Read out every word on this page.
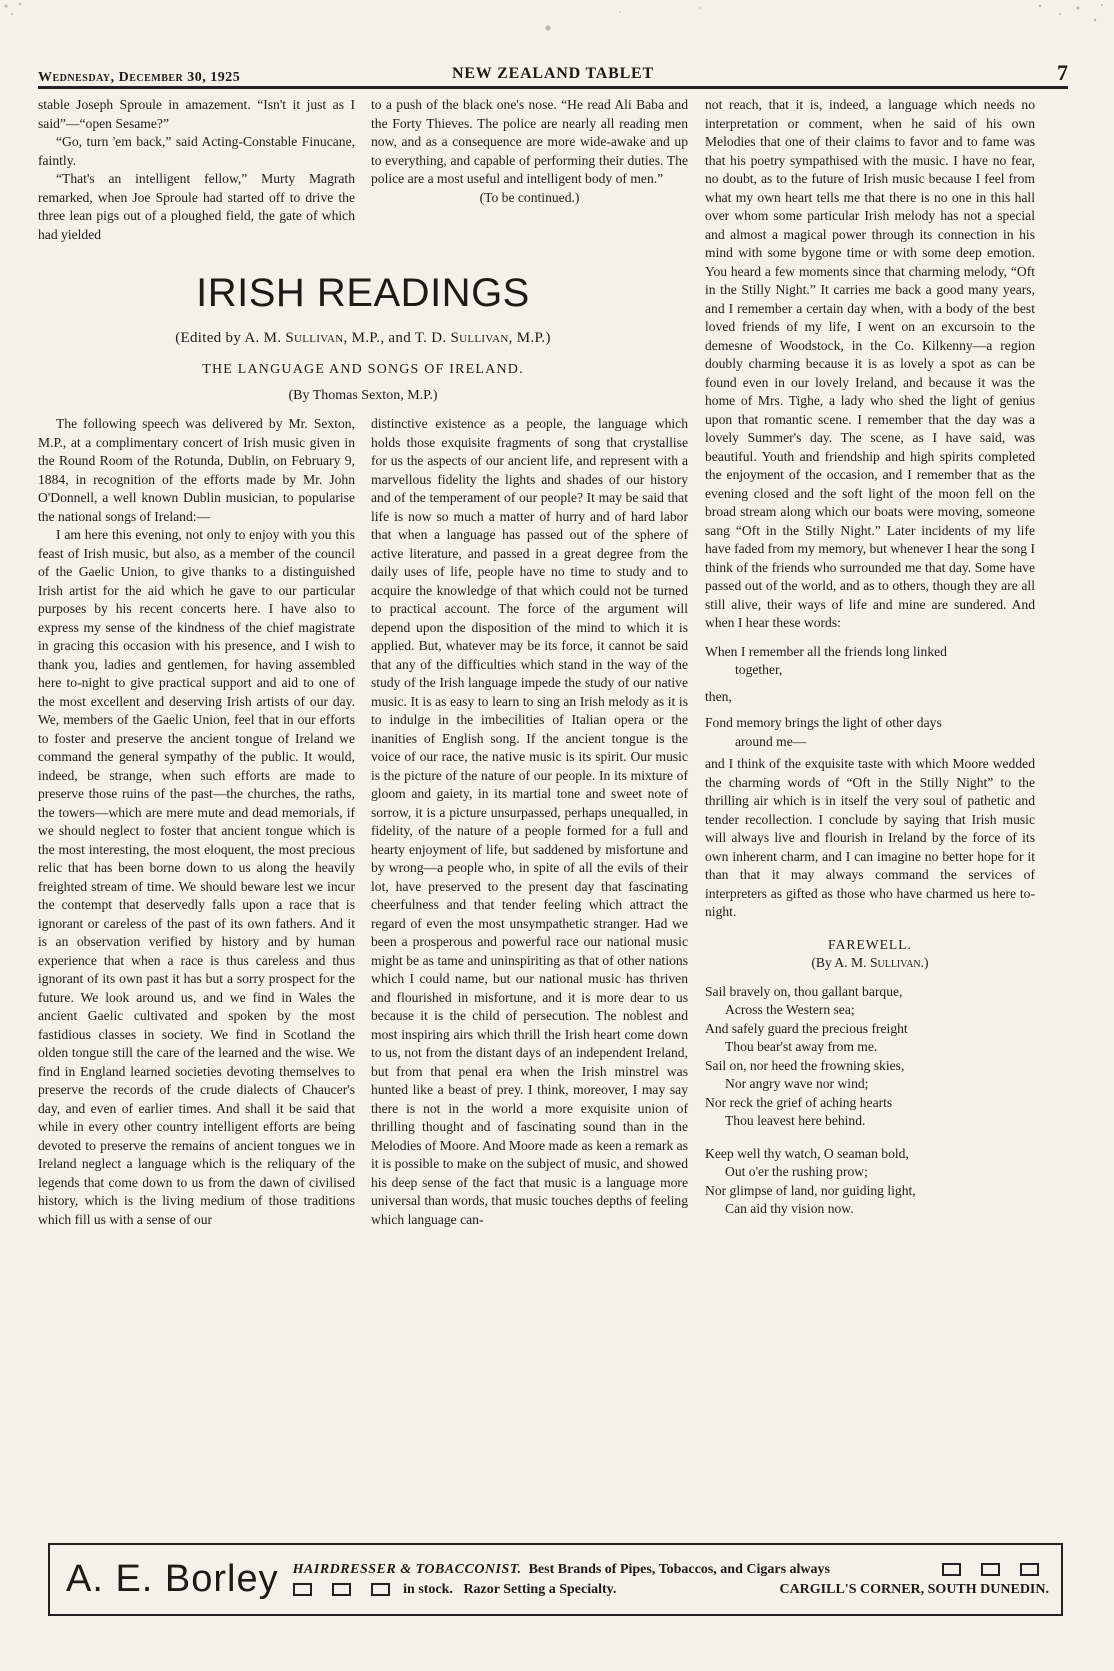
Wednesday, December 30, 1925	NEW ZEALAND TABLET	7

stable Joseph Sproule in amazement. “Isn't it just as I said”—“open Sesame?”

“Go, turn 'em back,” said Acting-Constable Finucane, faintly.

“That's an intelligent fellow,” Murty Magrath remarked, when Joe Sproule had started off to drive the three lean pigs out of a ploughed field, the gate of which had yielded

to a push of the black one's nose. “He read Ali Baba and the Forty Thieves. The police are nearly all reading men now, and as a consequence are more wide-awake and up to everything, and capable of performing their duties. The police are a most useful and intelligent body of men.”

(To be continued.)

IRISH READINGS
(Edited by A. M. Sullivan, M.P., and T. D. Sullivan, M.P.)
THE LANGUAGE AND SONGS OF IRELAND.
(By Thomas Sexton, M.P.)

The following speech was delivered by Mr. Sexton, M.P., at a complimentary concert of Irish music given in the Round Room of the Rotunda, Dublin, on February 9, 1884, in recognition of the efforts made by Mr. John O'Donnell, a well known Dublin musician, to popularise the national songs of Ireland:—

I am here this evening, not only to enjoy with you this feast of Irish music, but also, as a member of the council of the Gaelic Union, to give thanks to a distinguished Irish artist for the aid which he gave to our particular purposes by his recent concerts here. I have also to express my sense of the kindness of the chief magistrate in gracing this occasion with his presence, and I wish to thank you, ladies and gentlemen, for having assembled here to-night to give practical support and aid to one of the most excellent and deserving Irish artists of our day. We, members of the Gaelic Union, feel that in our efforts to foster and preserve the ancient tongue of Ireland we command the general sympathy of the public. It would, indeed, be strange, when such efforts are made to preserve those ruins of the past—the churches, the raths, the towers—which are mere mute and dead memorials, if we should neglect to foster that ancient tongue which is the most interesting, the most eloquent, the most precious relic that has been borne down to us along the heavily freighted stream of time. We should beware lest we incur the contempt that deservedly falls upon a race that is ignorant or careless of the past of its own fathers. And it is an observation verified by history and by human experience that when a race is thus careless and thus ignorant of its own past it has but a sorry prospect for the future. We look around us, and we find in Wales the ancient Gaelic cultivated and spoken by the most fastidious classes in society. We find in Scotland the olden tongue still the care of the learned and the wise. We find in England learned societies devoting themselves to preserve the records of the crude dialects of Chaucer's day, and even of earlier times. And shall it be said that while in every other country intelligent efforts are being devoted to preserve the remains of ancient tongues we in Ireland neglect a language which is the reliquary of the legends that come down to us from the dawn of civilised history, which is the living medium of those traditions which fill us with a sense of our

distinctive existence as a people, the language which holds those exquisite fragments of song that crystallise for us the aspects of our ancient life, and represent with a marvellous fidelity the lights and shades of our history and of the temperament of our people? It may be said that life is now so much a matter of hurry and of hard labor that when a language has passed out of the sphere of active literature, and passed in a great degree from the daily uses of life, people have no time to study and to acquire the knowledge of that which could not be turned to practical account. The force of the argument will depend upon the disposition of the mind to which it is applied. But, whatever may be its force, it cannot be said that any of the difficulties which stand in the way of the study of the Irish language impede the study of our native music. It is as easy to learn to sing an Irish melody as it is to indulge in the imbecilities of Italian opera or the inanities of English song. If the ancient tongue is the voice of our race, the native music is its spirit. Our music is the picture of the nature of our people. In its mixture of gloom and gaiety, in its martial tone and sweet note of sorrow, it is a picture unsurpassed, perhaps unequalled, in fidelity, of the nature of a people formed for a full and hearty enjoyment of life, but saddened by misfortune and by wrong—a people who, in spite of all the evils of their lot, have preserved to the present day that fascinating cheerfulness and that tender feeling which attract the regard of even the most unsympathetic stranger. Had we been a prosperous and powerful race our national music might be as tame and uninspiriting as that of other nations which I could name, but our national music has thriven and flourished in misfortune, and it is more dear to us because it is the child of persecution. The noblest and most inspiring airs which thrill the Irish heart come down to us, not from the distant days of an independent Ireland, but from that penal era when the Irish minstrel was hunted like a beast of prey. I think, moreover, I may say there is not in the world a more exquisite union of thrilling thought and of fascinating sound than in the Melodies of Moore. And Moore made as keen a remark as it is possible to make on the subject of music, and showed his deep sense of the fact that music is a language more universal than words, that music touches depths of feeling which language can-

not reach, that it is, indeed, a language which needs no interpretation or comment, when he said of his own Melodies that one of their claims to favor and to fame was that his poetry sympathised with the music. I have no fear, no doubt, as to the future of Irish music because I feel from what my own heart tells me that there is no one in this hall over whom some particular Irish melody has not a special and almost a magical power through its connection in his mind with some bygone time or with some deep emotion. You heard a few moments since that charming melody, “Oft in the Stilly Night.” It carries me back a good many years, and I remember a certain day when, with a body of the best loved friends of my life, I went on an excursoin to the demesne of Woodstock, in the Co. Kilkenny—a region doubly charming because it is as lovely a spot as can be found even in our lovely Ireland, and because it was the home of Mrs. Tighe, a lady who shed the light of genius upon that romantic scene. I remember that the day was a lovely Summer's day. The scene, as I have said, was beautiful. Youth and friendship and high spirits completed the enjoyment of the occasion, and I remember that as the evening closed and the soft light of the moon fell on the broad stream along which our boats were moving, someone sang “Oft in the Stilly Night.” Later incidents of my life have faded from my memory, but whenever I hear the song I think of the friends who surrounded me that day. Some have passed out of the world, and as to others, though they are all still alive, their ways of life and mine are sundered. And when I hear these words:

When I remember all the friends long linked

together,

then,

Fond memory brings the light of other days

around me—

and I think of the exquisite taste with which Moore wedded the charming words of “Oft in the Stilly Night” to the thrilling air which is in itself the very soul of pathetic and tender recollection. I conclude by saying that Irish music will always live and flourish in Ireland by the force of its own inherent charm, and I can imagine no better hope for it than that it may always command the services of interpreters as gifted as those who have charmed us here to-night.

FAREWELL.

(By A. M. Sullivan.)

Sail bravely on, thou gallant barque,

Across the Western sea;

And safely guard the precious freight

Thou bear'st away from me.

Sail on, nor heed the frowning skies,

Nor angry wave nor wind;

Nor reck the grief of aching hearts

Thou leavest here behind.

Keep well thy watch, O seaman bold,

Out o'er the rushing prow;

Nor glimpse of land, nor guiding light,

Can aid thy vision now.

A. E. Borley	HAIRDRESSER & TOBACCONIST. Best Brands of Pipes, Tobaccos, and Cigars always
in stock. Razor Setting a Specialty.	CARGILL'S CORNER, SOUTH DUNEDIN.
